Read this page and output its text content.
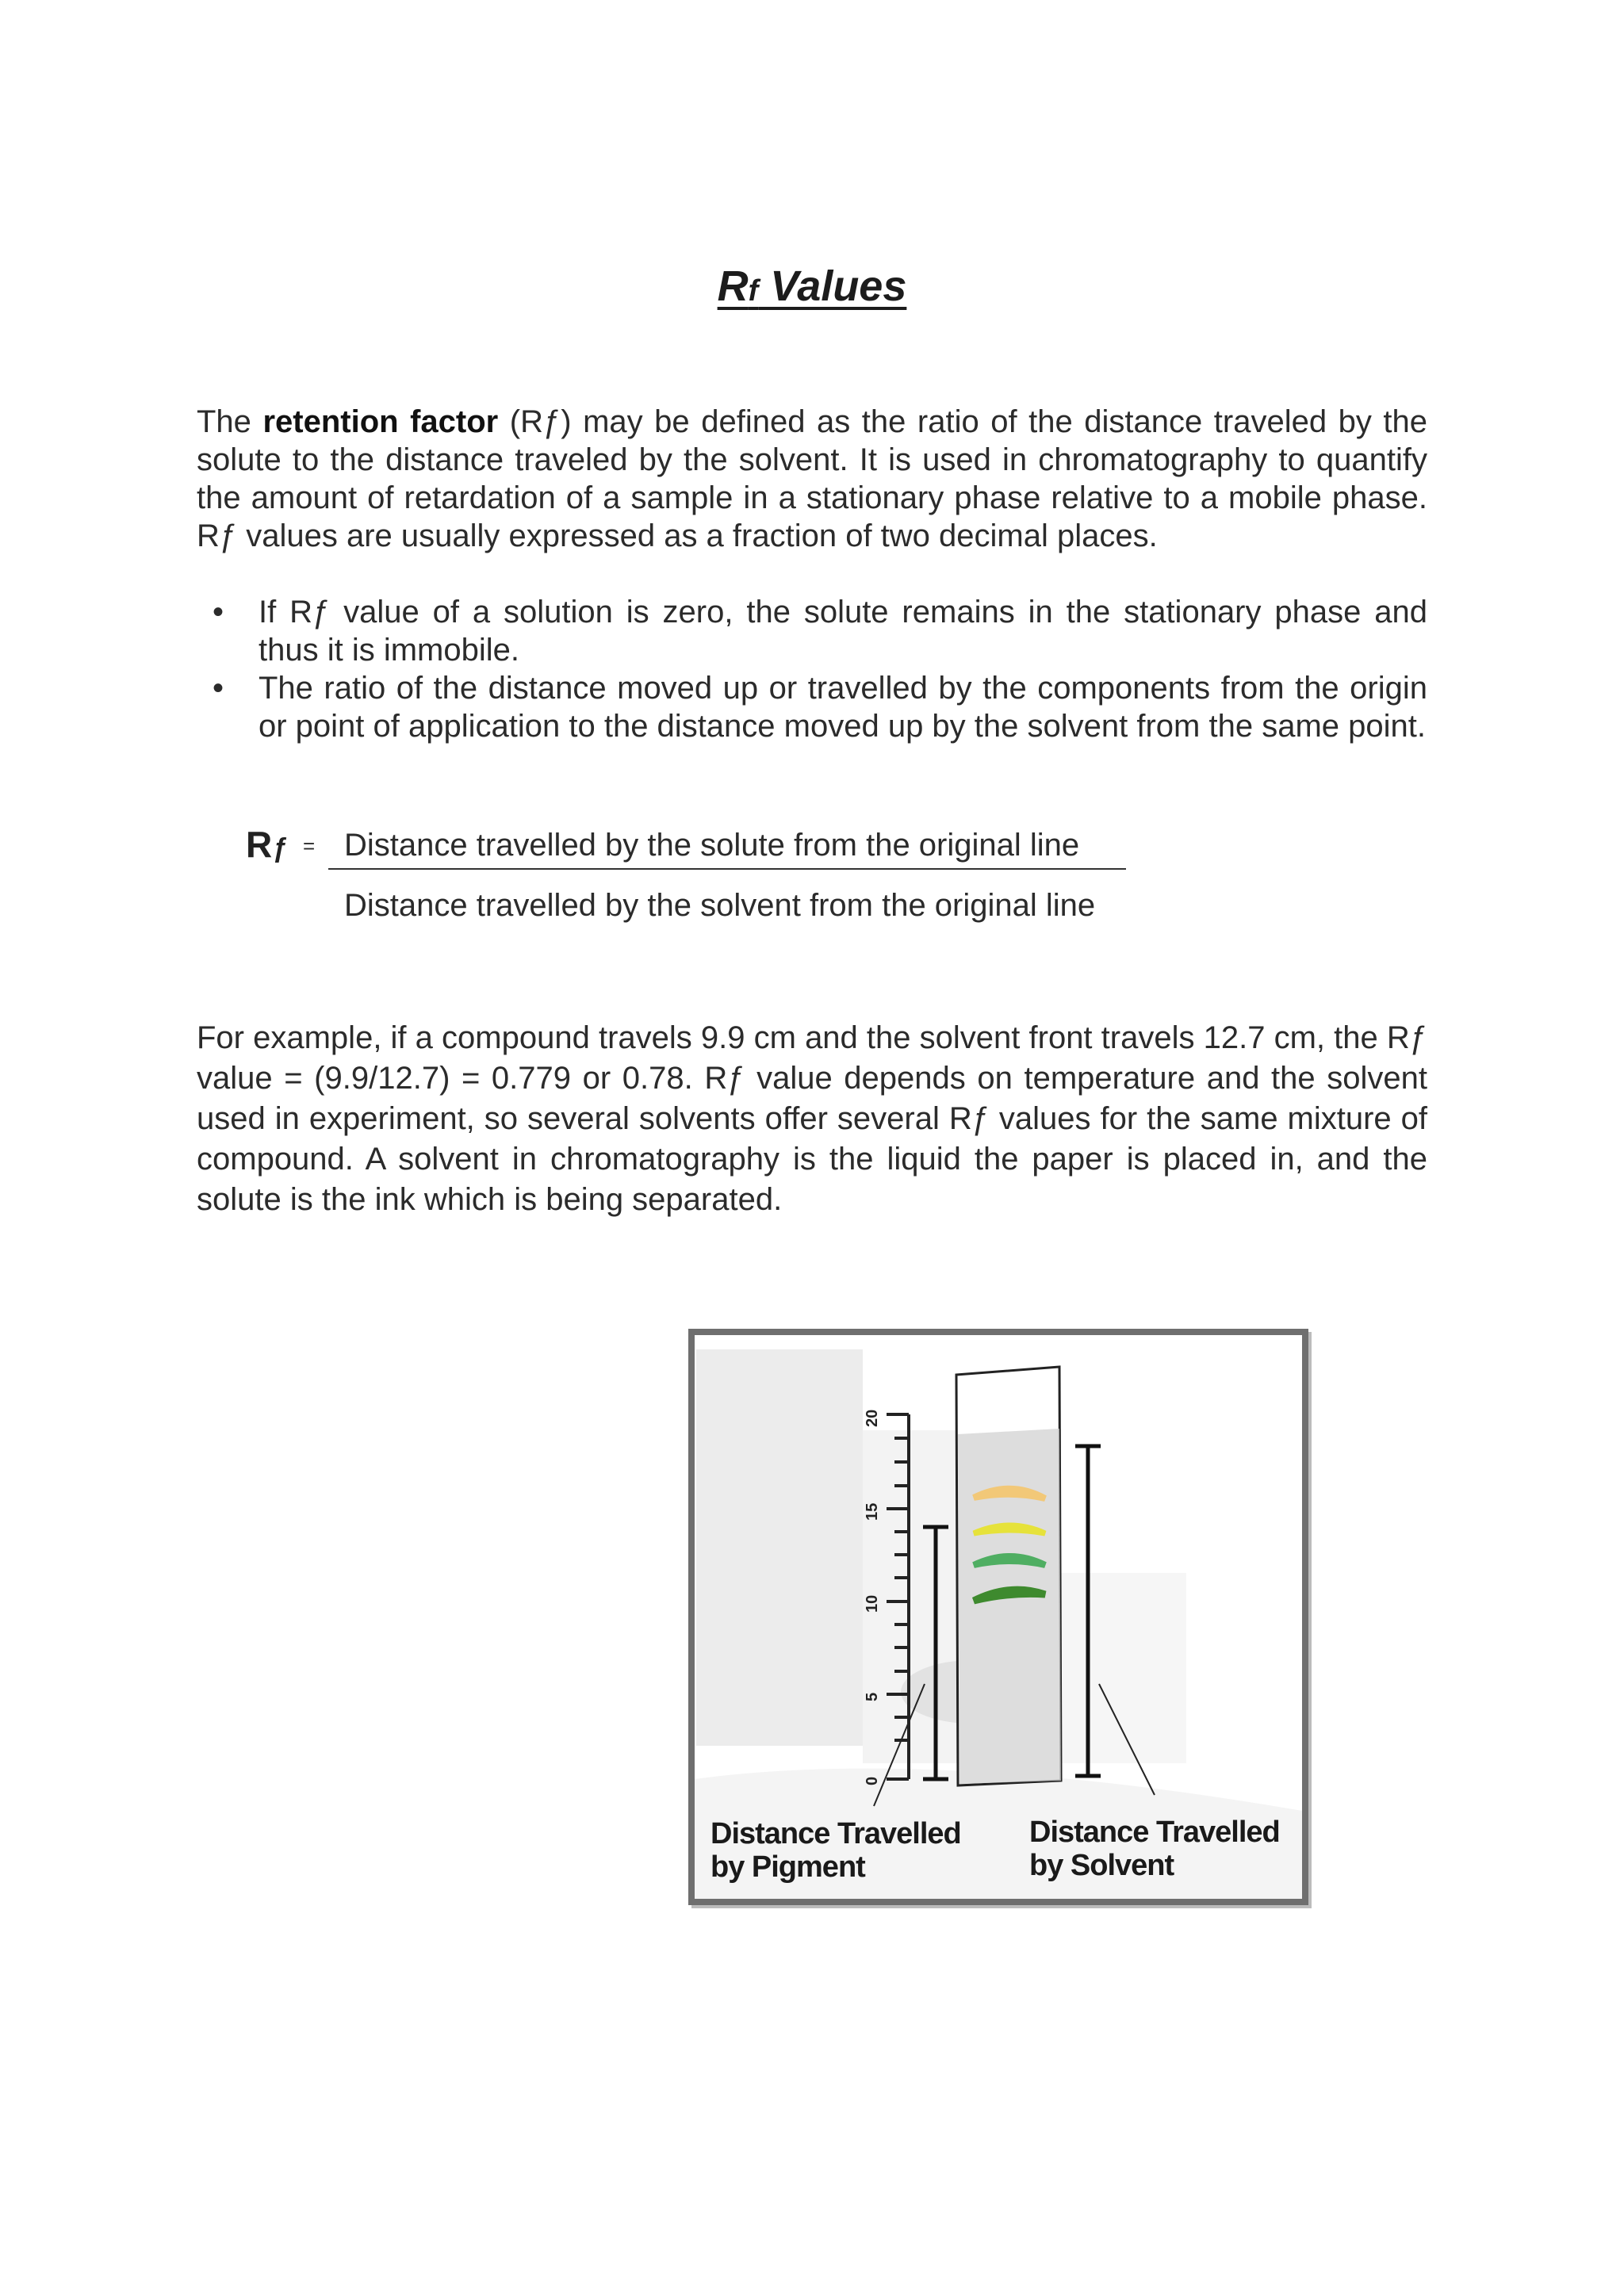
Rf Values

The retention factor (Rƒ) may be defined as the ratio of the distance traveled by the solute to the distance traveled by the solvent. It is used in chromatography to quantify the amount of retardation of a sample in a stationary phase relative to a mobile phase. Rƒ values are usually expressed as a fraction of two decimal places.

• If Rƒ value of a solution is zero, the solute remains in the stationary phase and thus it is immobile.
• The ratio of the distance moved up or travelled by the components from the origin or point of application to the distance moved up by the solvent from the same point.
Rƒ = Distance travelled by the solute from the original line
Distance travelled by the solvent from the original line

For example, if a compound travels 9.9 cm and the solvent front travels 12.7 cm, the Rƒ value = (9.9/12.7) = 0.779 or 0.78. Rƒ value depends on temperature and the solvent used in experiment, so several solvents offer several Rƒ values for the same mixture of compound. A solvent in chromatography is the liquid the paper is placed in, and the solute is the ink which is being separated.

0
5
10
15
20
Distance Travelled
by Pigment
Distance Travelled
by Solvent
